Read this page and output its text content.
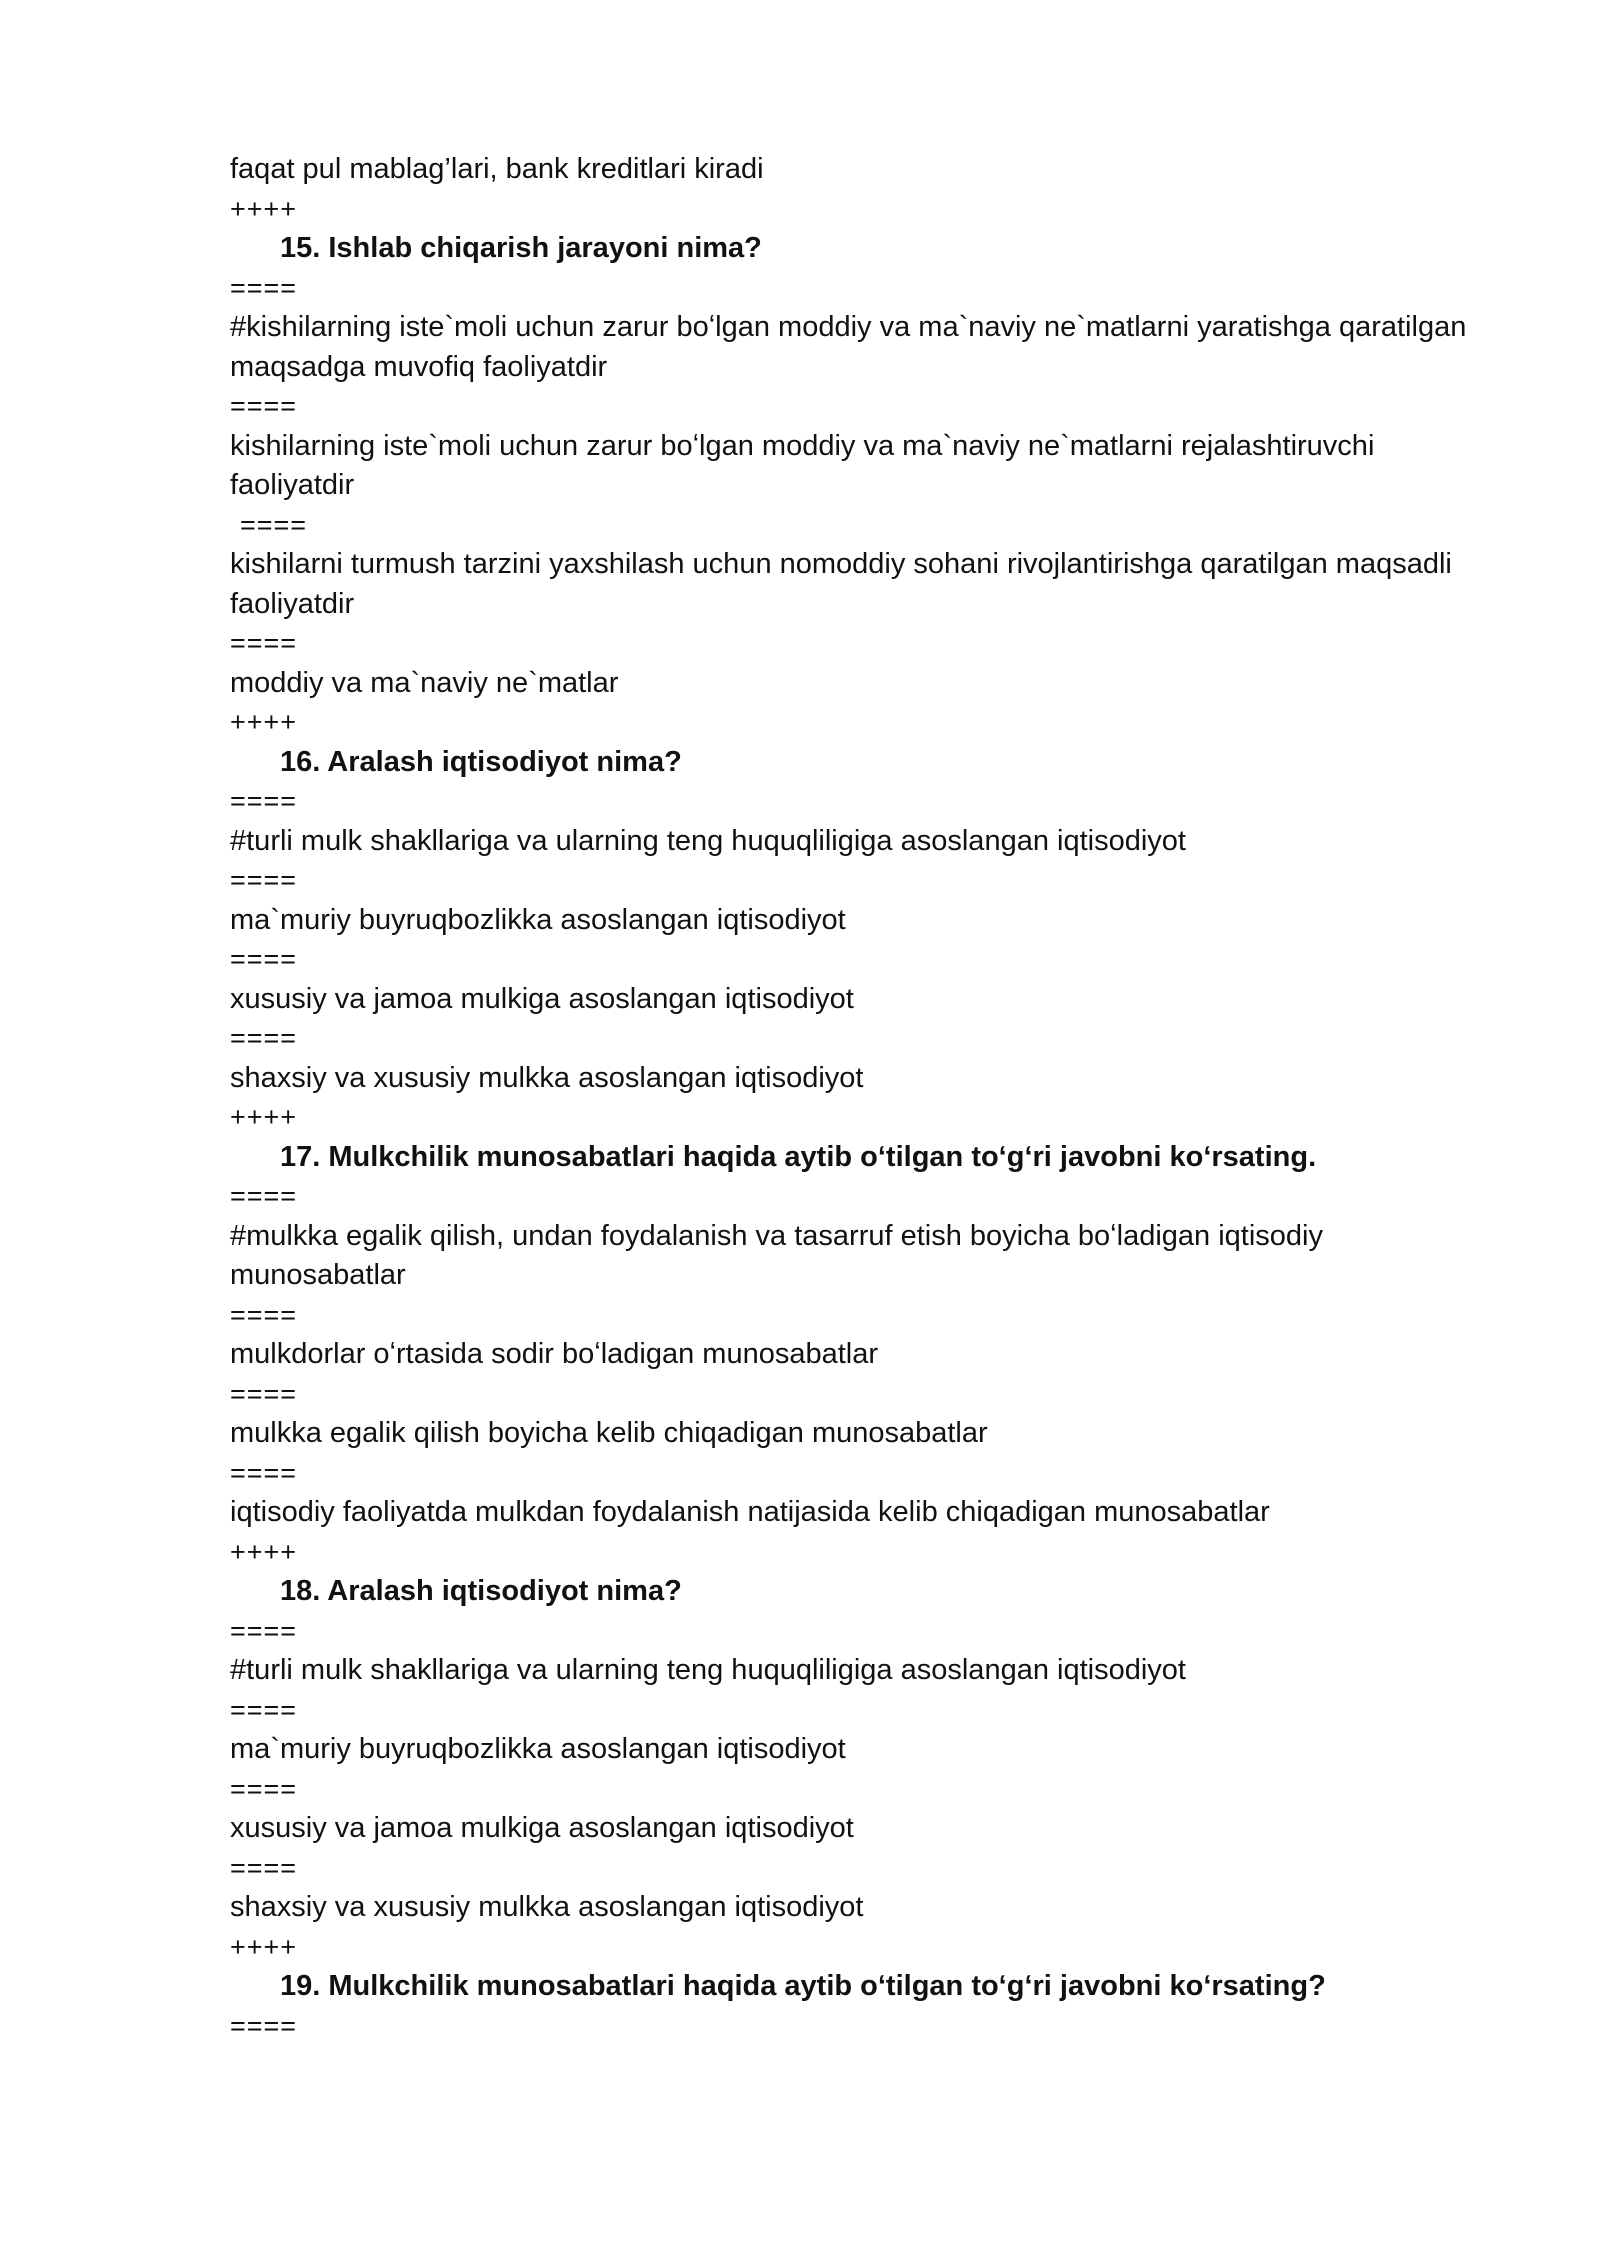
faqat pul mablag’lari, bank kreditlari kiradi

++++

15. Ishlab chiqarish jarayoni nima?

====

#kishilarning iste`moli uchun zarur boʻlgan moddiy va ma`naviy ne`matlarni yaratishga qaratilgan maqsadga muvofiq faoliyatdir

====

kishilarning iste`moli uchun zarur boʻlgan moddiy va ma`naviy ne`matlarni rejalashtiruvchi faoliyatdir

====

kishilarni turmush tarzini yaxshilash uchun nomoddiy sohani rivojlantirishga qaratilgan maqsadli faoliyatdir

====

moddiy va ma`naviy ne`matlar

++++

16. Aralash iqtisodiyot nima?

====

#turli mulk shakllariga va ularning teng huquqliligiga asoslangan iqtisodiyot

====

ma`muriy buyruqbozlikka asoslangan iqtisodiyot

====

xususiy va jamoa mulkiga asoslangan iqtisodiyot

====

shaxsiy va xususiy mulkka asoslangan iqtisodiyot

++++

17. Mulkchilik munosabatlari haqida aytib oʻtilgan toʻgʻri javobni koʻrsating.

====

#mulkka egalik qilish, undan foydalanish va tasarruf etish boyicha boʻladigan iqtisodiy munosabatlar

====

mulkdorlar oʻrtasida sodir boʻladigan munosabatlar

====

mulkka egalik qilish boyicha kelib chiqadigan munosabatlar

====

iqtisodiy faoliyatda mulkdan foydalanish natijasida kelib chiqadigan munosabatlar

++++

18. Aralash iqtisodiyot nima?

====

#turli mulk shakllariga va ularning teng huquqliligiga asoslangan iqtisodiyot

====

ma`muriy buyruqbozlikka asoslangan iqtisodiyot

====

xususiy va jamoa mulkiga asoslangan iqtisodiyot

====

shaxsiy va xususiy mulkka asoslangan iqtisodiyot

++++

19. Mulkchilik munosabatlari haqida aytib oʻtilgan toʻgʻri javobni koʻrsating?

====
